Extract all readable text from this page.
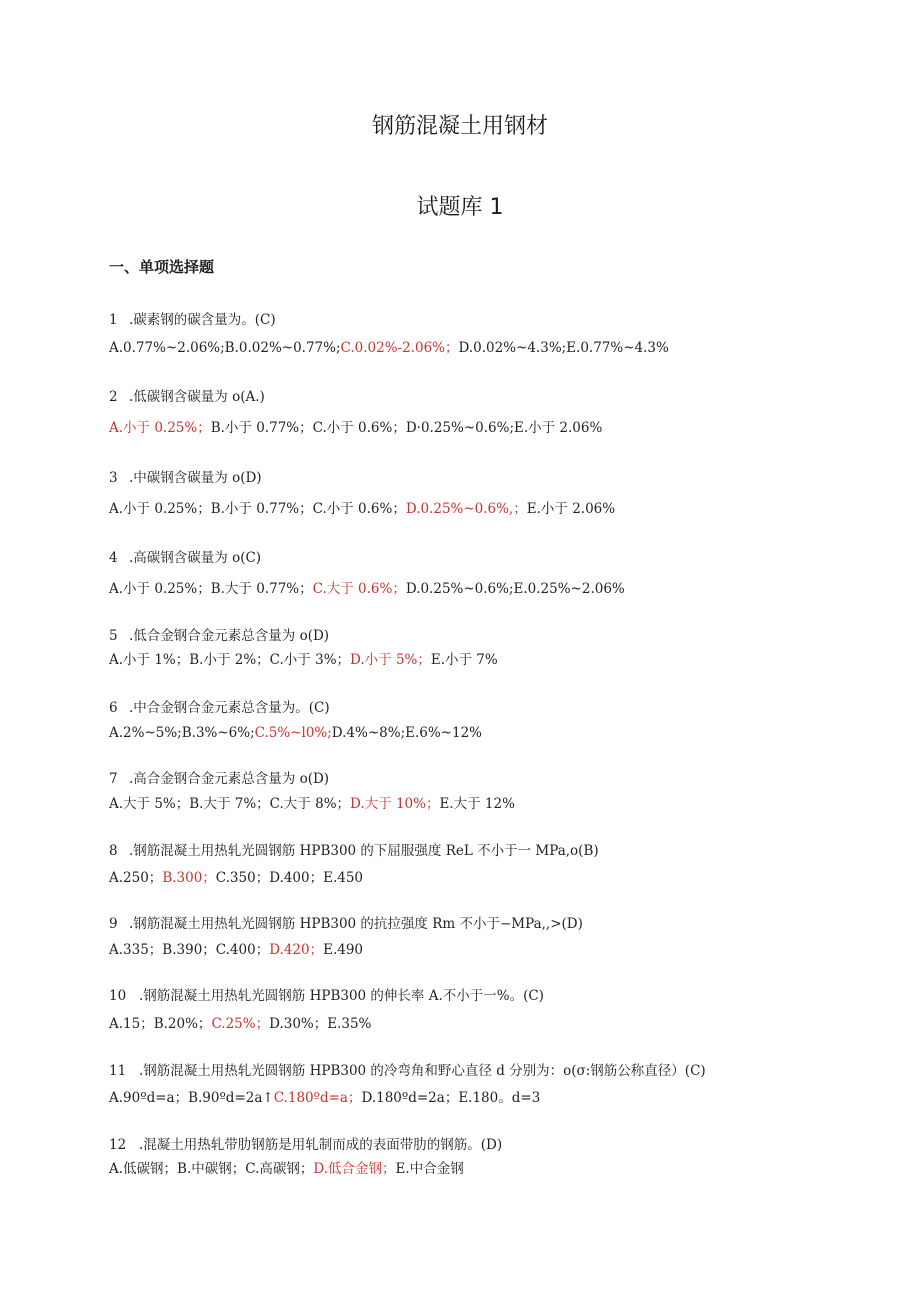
钢筋混凝土用钢材
试题库 1
一、单项选择题
1 .碳素钢的碳含量为。(C)
A.0.77%~2.06%;B.0.02%~0.77%;C.0.02%-2.06%；D.0.02%~4.3%;E.0.77%~4.3%
2 .低碳钢含碳量为 o(A.)
A.小于 0.25%；B.小于 0.77%；C.小于 0.6%；D·0.25%~0.6%;E.小于 2.06%
3 .中碳钢含碳量为 o(D)
A.小于 0.25%；B.小于 0.77%；C.小于 0.6%；D.0.25%~0.6%,；E.小于 2.06%
4 .高碳钢含碳量为 o(C)
A.小于 0.25%；B.大于 0.77%；C.大于 0.6%；D.0.25%~0.6%;E.0.25%~2.06%
5 .低合金钢合金元素总含量为 o(D)
A.小于 1%；B.小于 2%；C.小于 3%；D.小于 5%；E.小于 7%
6 .中合金钢合金元素总含量为。(C)
A.2%~5%;B.3%~6%;C.5%~l0%;D.4%~8%;E.6%~12%
7 .高合金钢合金元素总含量为 o(D)
A.大于 5%；B.大于 7%；C.大于 8%；D.大于 10%；E.大于 12%
8 .钢筋混凝土用热轧光圆钢筋 HPB300 的下屈服强度 ReL 不小于一 MPa,o(B)
A.250；B.300；C.350；D.400；E.450
9 .钢筋混凝土用热轧光圆钢筋 HPB300 的抗拉强度 Rm 不小于−MPa,,>(D)
A.335；B.390；C.400；D.420；E.490
10 .钢筋混凝土用热轧光圆钢筋 HPB300 的伸长率 A.不小于一%。(C)
A.15；B.20%；C.25%；D.30%；E.35%
11 .钢筋混凝土用热轧光圆钢筋 HPB300 的冷弯角和野心直径 d 分别为：o(σ:钢筋公称直径）(C)
A.90ºd=a；B.90ºd=2a↑C.180ºd=a；D.180ºd=2a；E.180。d=3
12 .混凝土用热轧带肋钢筋是用轧制而成的表面带肋的钢筋。(D)
A.低碳钢；B.中碳钢；C.高碳钢；D.低合金钢；E.中合金钢
